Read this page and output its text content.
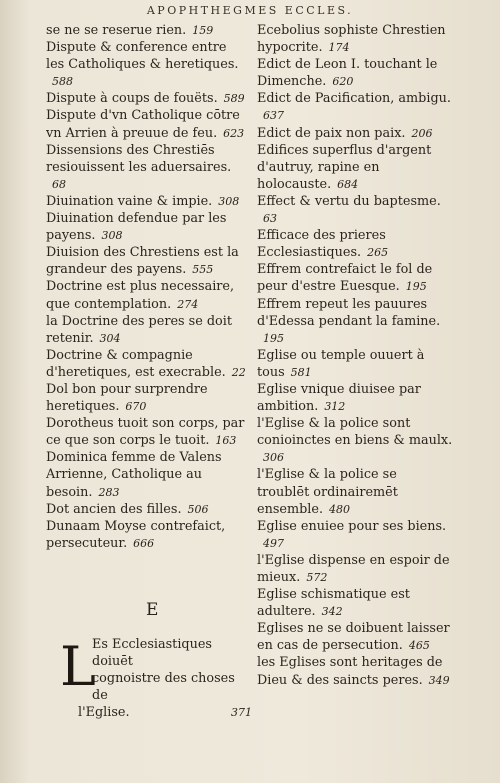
APOPHTHEGMES ECCLES.

se ne se reserue rien. 159

Dispute & conference entre les Catholiques & heretiques.588

Dispute à coups de fouëts. 589

Dispute d'vn Catholique cōtre vn Arrien à preuue de feu. 623

Dissensions des Chrestiēs resiouissent les aduersaires.68

Diuination vaine & impie. 308

Diuination defendue par les payens. 308

Diuision des Chrestiens est la grandeur des payens. 555

Doctrine est plus necessaire, que contemplation. 274

la Doctrine des peres se doit retenir. 304

Doctrine & compagnie d'heretiques, est execrable. 22

Dol bon pour surprendre heretiques. 670

Dorotheus tuoit son corps, par ce que son corps le tuoit. 163

Dominica femme de Valens Arrienne, Catholique au besoin. 283

Dot ancien des filles. 506

Dunaam Moyse contrefaict, persecuteur. 666

Ecebolius sophiste Chrestien hypocrite. 174

Edict de Leon I. touchant le Dimenche. 620

Edict de Pacification, ambigu.637

Edict de paix non paix. 206

Edifices superflus d'argent d'autruy, rapine en holocauste. 684

Effect & vertu du baptesme.63

Efficace des prieres Ecclesiastiques. 265

Effrem contrefaict le fol de peur d'estre Euesque. 195

Effrem repeut les pauures d'Edessa pendant la famine.195

Eglise ou temple ouuert à tous 581

Eglise vnique diuisee par ambition. 312

l'Eglise & la police sont conioinctes en biens & maulx.306

l'Eglise & la police se troublēt ordinairemēt ensemble. 480

Eglise enuiee pour ses biens.497

l'Eglise dispense en espoir de mieux. 572

Eglise schismatique est adultere. 342

Eglises ne se doibuent laisser en cas de persecution. 465

les Eglises sont heritages de Dieu & des saincts peres. 349

E
L
Es Ecclesiastiques doiuēt
cognoistre des choses de
l'Eglise.	371
